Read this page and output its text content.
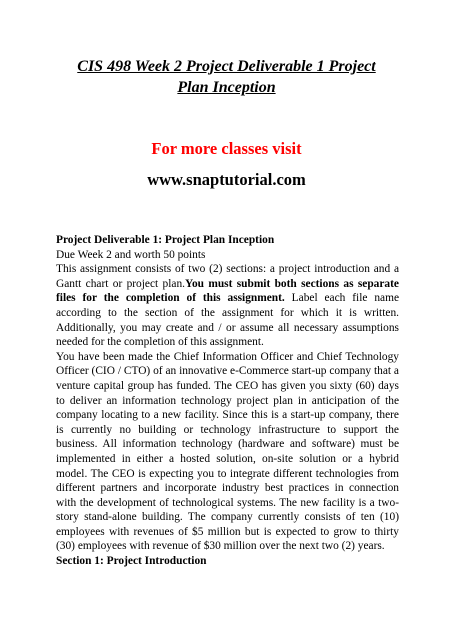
CIS 498 Week 2 Project Deliverable 1 Project
Plan Inception

For more classes visit

www.snaptutorial.com

Project Deliverable 1: Project Plan Inception

Due Week 2 and worth 50 points

This assignment consists of two (2) sections: a project introduction and a Gantt chart or project plan.You must submit both sections as separate files for the completion of this assignment. Label each file name according to the section of the assignment for which it is written. Additionally, you may create and / or assume all necessary assumptions needed for the completion of this assignment.

You have been made the Chief Information Officer and Chief Technology Officer (CIO / CTO) of an innovative e-Commerce start-up company that a venture capital group has funded. The CEO has given you sixty (60) days to deliver an information technology project plan in anticipation of the company locating to a new facility. Since this is a start-up company, there is currently no building or technology infrastructure to support the business. All information technology (hardware and software) must be implemented in either a hosted solution, on-site solution or a hybrid model. The CEO is expecting you to integrate different technologies from different partners and incorporate industry best practices in connection with the development of technological systems. The new facility is a two-story stand-alone building. The company currently consists of ten (10) employees with revenues of $5 million but is expected to grow to thirty (30) employees with revenue of $30 million over the next two (2) years.

Section 1: Project Introduction
